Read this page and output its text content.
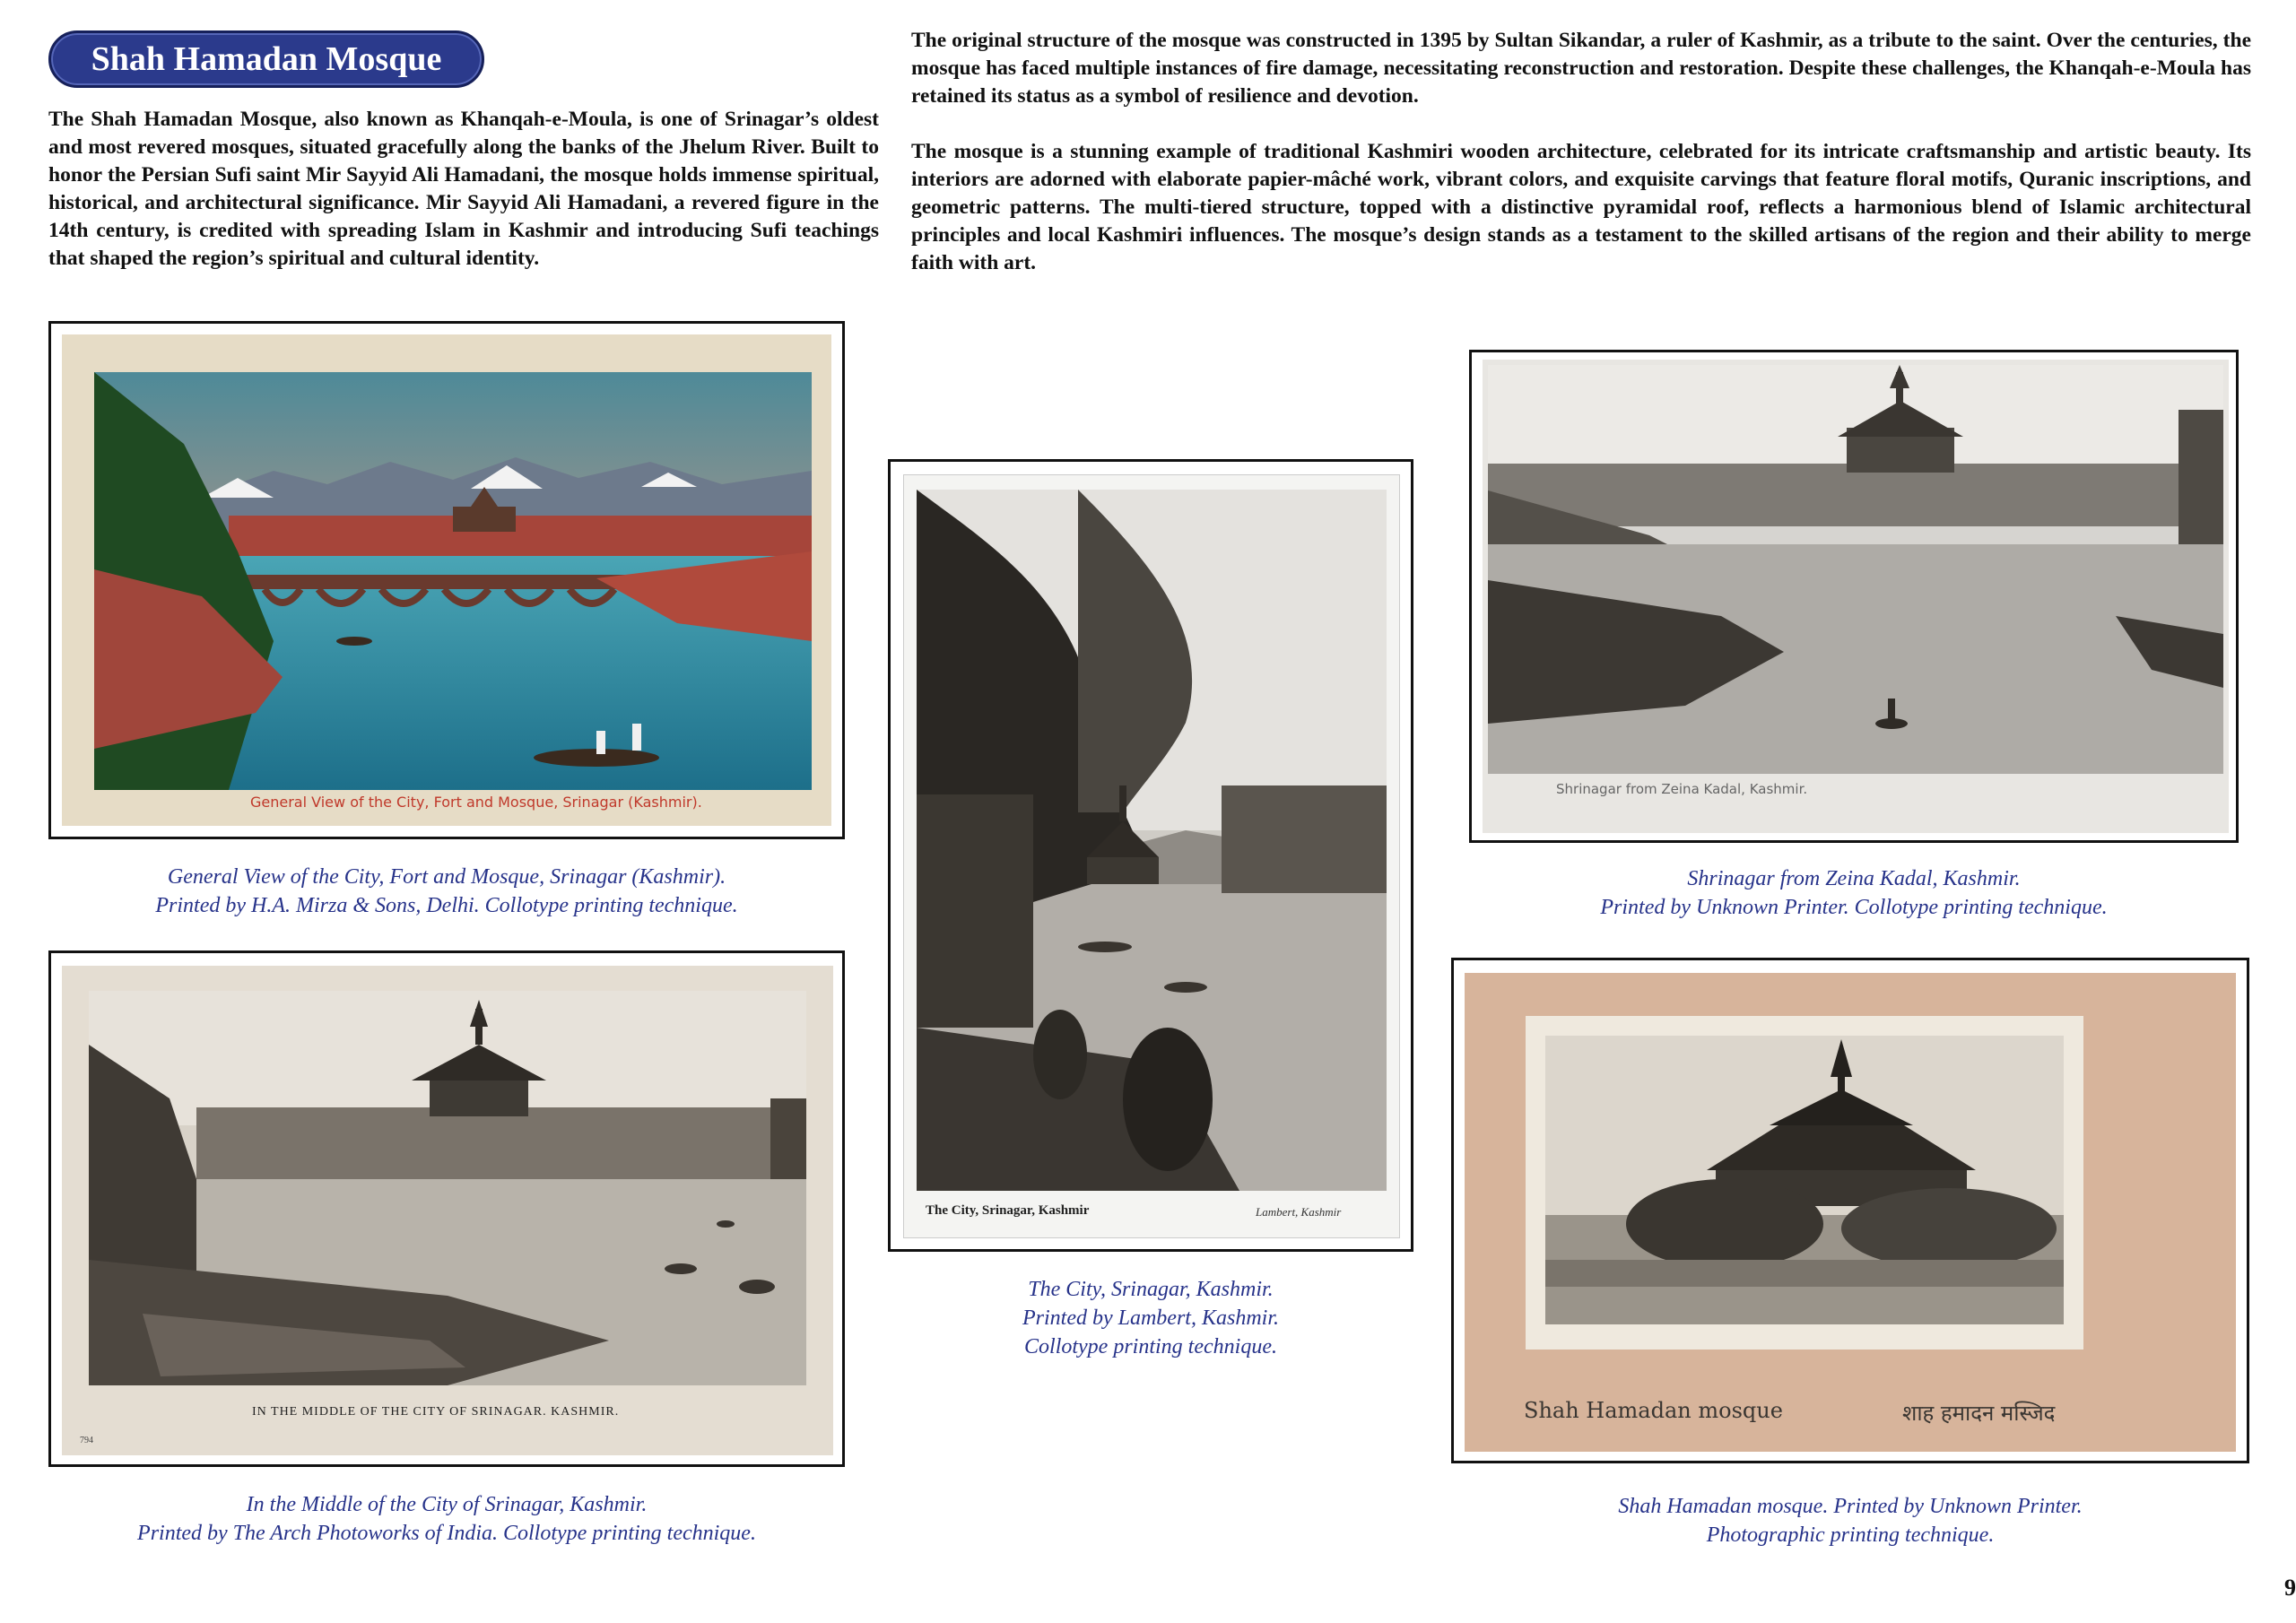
Shah Hamadan Mosque

The Shah Hamadan Mosque, also known as Khanqah-e-Moula, is one of Srinagar’s oldest and most revered mosques, situated gracefully along the banks of the Jhelum River. Built to honor the Persian Sufi saint Mir Sayyid Ali Hamadani, the mosque holds immense spiritual, historical, and architectural significance. Mir Sayyid Ali Hamadani, a revered figure in the 14th century, is credited with spreading Islam in Kashmir and introducing Sufi teachings that shaped the region’s spiritual and cultural identity.

The original structure of the mosque was constructed in 1395 by Sultan Sikandar, a ruler of Kashmir, as a tribute to the saint. Over the centuries, the mosque has faced multiple instances of fire damage, necessitating reconstruction and restoration. Despite these challenges, the Khanqah-e-Moula has retained its status as a symbol of resilience and devotion.

The mosque is a stunning example of traditional Kashmiri wooden architecture, celebrated for its intricate craftsmanship and artistic beauty. Its interiors are adorned with elaborate papier-mâché work, vibrant colors, and exquisite carvings that feature floral motifs, Quranic inscriptions, and geometric patterns. The multi-tiered structure, topped with a distinctive pyramidal roof, reflects a harmonious blend of Islamic architectural principles and local Kashmiri influences. The mosque’s design stands as a testament to the skilled artisans of the region and their ability to merge faith with art.

General View of the City, Fort and Mosque, Srinagar (Kashmir).

General View of the City, Fort and Mosque, Srinagar (Kashmir).

Printed by H.A. Mirza & Sons, Delhi. Collotype printing technique.

IN THE MIDDLE OF THE CITY OF SRINAGAR. KASHMIR.
794

In the Middle of the City of Srinagar, Kashmir.

Printed by The Arch Photoworks of India. Collotype printing technique.

The City, Srinagar, Kashmir	Lambert, Kashmir

The City, Srinagar, Kashmir.

Printed by Lambert, Kashmir.

Collotype printing technique.

Shrinagar from Zeina Kadal, Kashmir.

Shrinagar from Zeina Kadal, Kashmir.

Printed by Unknown Printer. Collotype printing technique.

Shah Hamadan mosque	शाह हमादन मस्जिद

Shah Hamadan mosque. Printed by Unknown Printer.

Photographic printing technique.

9
